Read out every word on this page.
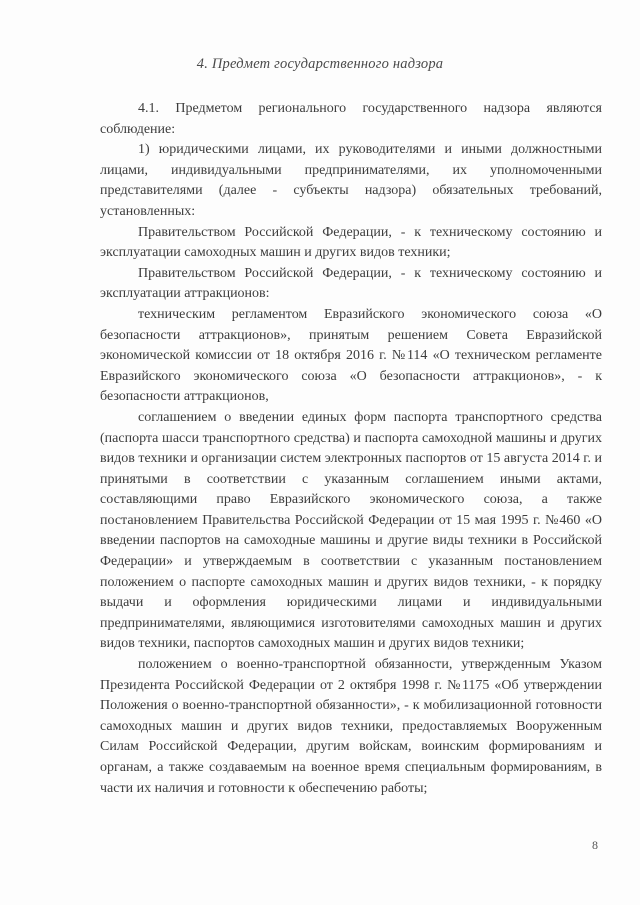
4. Предмет государственного надзора

4.1. Предметом регионального государственного надзора являются соблюдение:

1) юридическими лицами, их руководителями и иными должностными лицами, индивидуальными предпринимателями, их уполномоченными представителями (далее - субъекты надзора) обязательных требований, установленных:

Правительством Российской Федерации, - к техническому состоянию и эксплуатации самоходных машин и других видов техники;

Правительством Российской Федерации, - к техническому состоянию и эксплуатации аттракционов:

техническим регламентом Евразийского экономического союза «О безопасности аттракционов», принятым решением Совета Евразийской экономической комиссии от 18 октября 2016 г. №114 «О техническом регламенте Евразийского экономического союза «О безопасности аттракционов», - к безопасности аттракционов,

соглашением о введении единых форм паспорта транспортного средства (паспорта шасси транспортного средства) и паспорта самоходной машины и других видов техники и организации систем электронных паспортов от 15 августа 2014 г. и принятыми в соответствии с указанным соглашением иными актами, составляющими право Евразийского экономического союза, а также постановлением Правительства Российской Федерации от 15 мая 1995 г. №460 «О введении паспортов на самоходные машины и другие виды техники в Российской Федерации» и утверждаемым в соответствии с указанным постановлением положением о паспорте самоходных машин и других видов техники, - к порядку выдачи и оформления юридическими лицами и индивидуальными предпринимателями, являющимися изготовителями самоходных машин и других видов техники, паспортов самоходных машин и других видов техники;

положением о военно-транспортной обязанности, утвержденным Указом Президента Российской Федерации от 2 октября 1998 г. №1175 «Об утверждении Положения о военно-транспортной обязанности», - к мобилизационной готовности самоходных машин и других видов техники, предоставляемых Вооруженным Силам Российской Федерации, другим войскам, воинским формированиям и органам, а также создаваемым на военное время специальным формированиям, в части их наличия и готовности к обеспечению работы;

8
